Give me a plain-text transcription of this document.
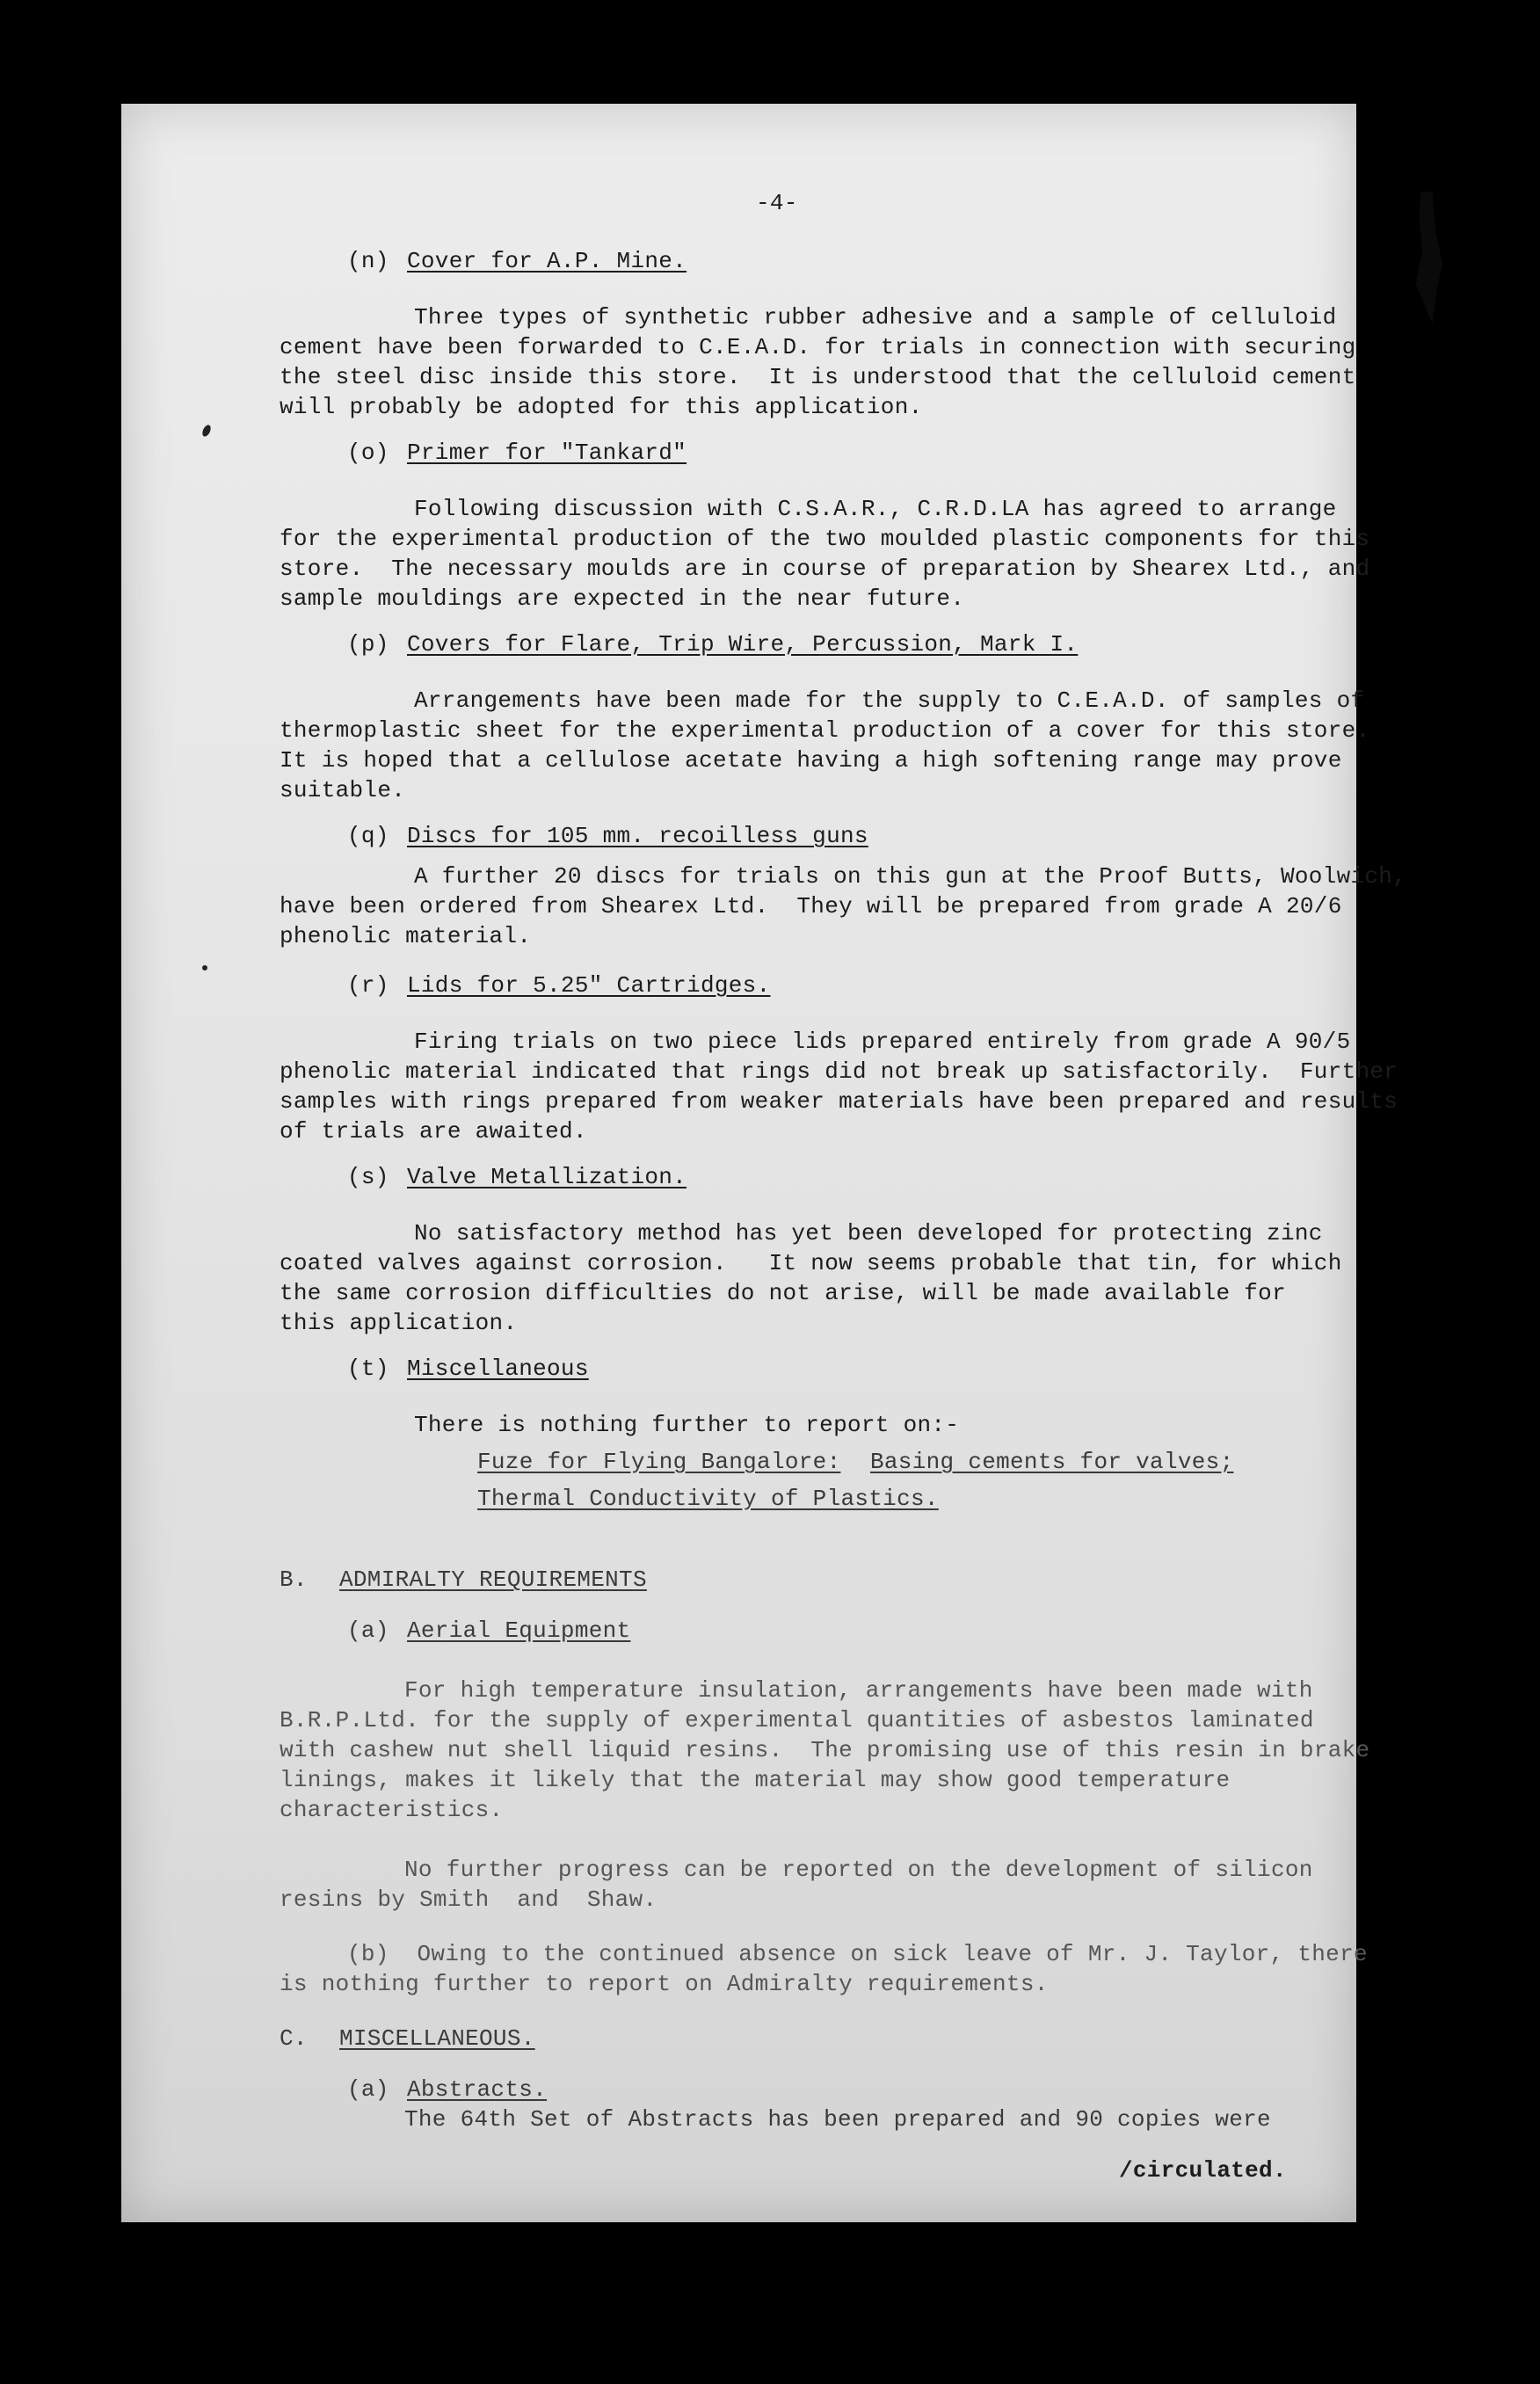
-4-
(n) Cover for A.P. Mine.
Three types of synthetic rubber adhesive and a sample of celluloid
cement have been forwarded to C.E.A.D. for trials in connection with securing
the steel disc inside this store.  It is understood that the celluloid cement
will probably be adopted for this application.
(o) Primer for "Tankard"
Following discussion with C.S.A.R., C.R.D.LA has agreed to arrange
for the experimental production of the two moulded plastic components for this
store.  The necessary moulds are in course of preparation by Shearex Ltd., and
sample mouldings are expected in the near future.
(p) Covers for Flare, Trip Wire, Percussion, Mark I.
Arrangements have been made for the supply to C.E.A.D. of samples of
thermoplastic sheet for the experimental production of a cover for this store.
It is hoped that a cellulose acetate having a high softening range may prove
suitable.
(q) Discs for 105 mm. recoilless guns
A further 20 discs for trials on this gun at the Proof Butts, Woolwich,
have been ordered from Shearex Ltd.  They will be prepared from grade A 20/6
phenolic material.
(r) Lids for 5.25" Cartridges.
Firing trials on two piece lids prepared entirely from grade A 90/5
phenolic material indicated that rings did not break up satisfactorily.  Further
samples with rings prepared from weaker materials have been prepared and results
of trials are awaited.
(s) Valve Metallization.
No satisfactory method has yet been developed for protecting zinc
coated valves against corrosion.   It now seems probable that tin, for which
the same corrosion difficulties do not arise, will be made available for
this application.
(t) Miscellaneous
There is nothing further to report on:-
Fuze for Flying Bangalore: Basing cements for valves;
Thermal Conductivity of Plastics.
B. ADMIRALTY REQUIREMENTS
(a) Aerial Equipment
For high temperature insulation, arrangements have been made with
B.R.P.Ltd. for the supply of experimental quantities of asbestos laminated
with cashew nut shell liquid resins.  The promising use of this resin in brake
linings, makes it likely that the material may show good temperature
characteristics.
No further progress can be reported on the development of silicon
resins by Smith  and  Shaw.
(b)  Owing to the continued absence on sick leave of Mr. J. Taylor, there
is nothing further to report on Admiralty requirements.
C. MISCELLANEOUS.
(a) Abstracts.
The 64th Set of Abstracts has been prepared and 90 copies were
/circulated.
